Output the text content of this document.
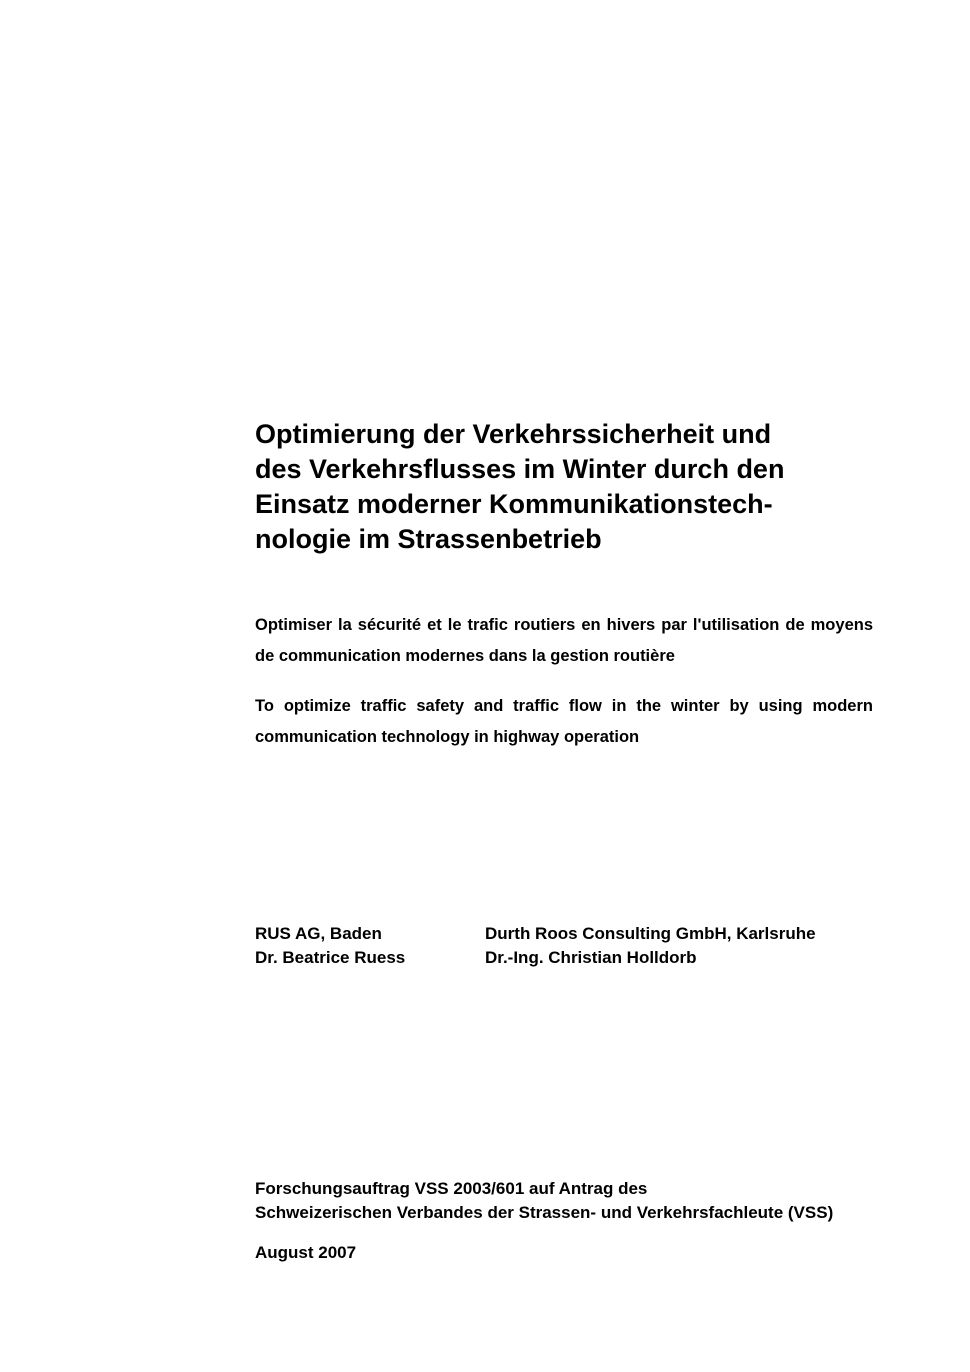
Optimierung der Verkehrssicherheit und
des Verkehrsflusses im Winter durch den
Einsatz moderner Kommunikationstech-
nologie im Strassenbetrieb

Optimiser la sécurité et le trafic routiers en hivers par l'utilisation de moyens de communication modernes dans la gestion routière

To optimize traffic safety and traffic flow in the winter by using modern communication technology in highway operation

RUS AG, Baden	Durth Roos Consulting GmbH, Karlsruhe
Dr. Beatrice Ruess	Dr.-Ing. Christian Holldorb
Forschungsauftrag VSS 2003/601 auf Antrag des
Schweizerischen Verbandes der Strassen- und Verkehrsfachleute (VSS)
August 2007
